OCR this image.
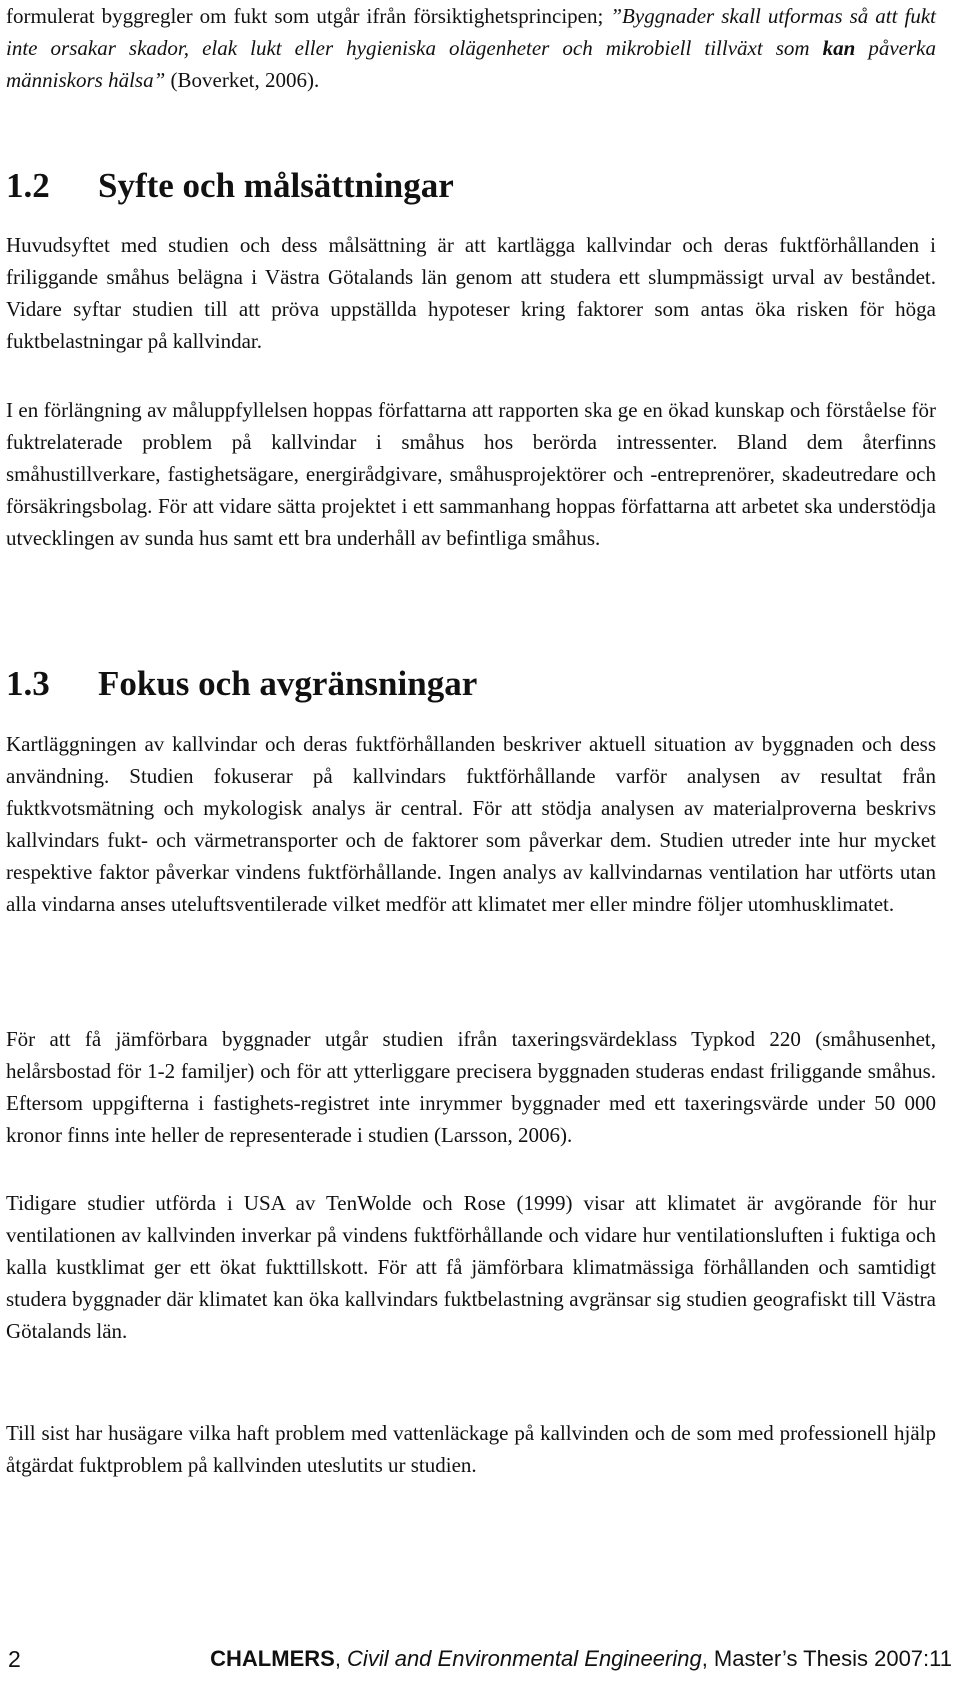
formulerat byggregler om fukt som utgår ifrån försiktighetsprincipen; ”Byggnader skall utformas så att fukt inte orsakar skador, elak lukt eller hygieniska olägenheter och mikrobiell tillväxt som kan påverka människors hälsa” (Boverket, 2006).

1.2 Syfte och målsättningar

Huvudsyftet med studien och dess målsättning är att kartlägga kallvindar och deras fuktförhållanden i friliggande småhus belägna i Västra Götalands län genom att studera ett slumpmässigt urval av beståndet. Vidare syftar studien till att pröva uppställda hypoteser kring faktorer som antas öka risken för höga fuktbelastningar på kallvindar.

I en förlängning av måluppfyllelsen hoppas författarna att rapporten ska ge en ökad kunskap och förståelse för fuktrelaterade problem på kallvindar i småhus hos berörda intressenter. Bland dem återfinns småhustillverkare, fastighetsägare, energirådgivare, småhusprojektörer och -entreprenörer, skadeutredare och försäkringsbolag. För att vidare sätta projektet i ett sammanhang hoppas författarna att arbetet ska understödja utvecklingen av sunda hus samt ett bra underhåll av befintliga småhus.

1.3 Fokus och avgränsningar

Kartläggningen av kallvindar och deras fuktförhållanden beskriver aktuell situation av byggnaden och dess användning. Studien fokuserar på kallvindars fuktförhållande varför analysen av resultat från fuktkvotsmätning och mykologisk analys är central. För att stödja analysen av materialproverna beskrivs kallvindars fukt- och värmetransporter och de faktorer som påverkar dem. Studien utreder inte hur mycket respektive faktor påverkar vindens fuktförhållande. Ingen analys av kallvindarnas ventilation har utförts utan alla vindarna anses uteluftsventilerade vilket medför att klimatet mer eller mindre följer utomhusklimatet.

För att få jämförbara byggnader utgår studien ifrån taxeringsvärdeklass Typkod 220 (småhusenhet, helårsbostad för 1-2 familjer) och för att ytterliggare precisera byggnaden studeras endast friliggande småhus. Eftersom uppgifterna i fastighets-registret inte inrymmer byggnader med ett taxeringsvärde under 50 000 kronor finns inte heller de representerade i studien (Larsson, 2006).

Tidigare studier utförda i USA av TenWolde och Rose (1999) visar att klimatet är avgörande för hur ventilationen av kallvinden inverkar på vindens fuktförhållande och vidare hur ventilationsluften i fuktiga och kalla kustklimat ger ett ökat fukttillskott. För att få jämförbara klimatmässiga förhållanden och samtidigt studera byggnader där klimatet kan öka kallvindars fuktbelastning avgränsar sig studien geografiskt till Västra Götalands län.

Till sist har husägare vilka haft problem med vattenläckage på kallvinden och de som med professionell hjälp åtgärdat fuktproblem på kallvinden uteslutits ur studien.

2	CHALMERS, Civil and Environmental Engineering, Master’s Thesis 2007:11
